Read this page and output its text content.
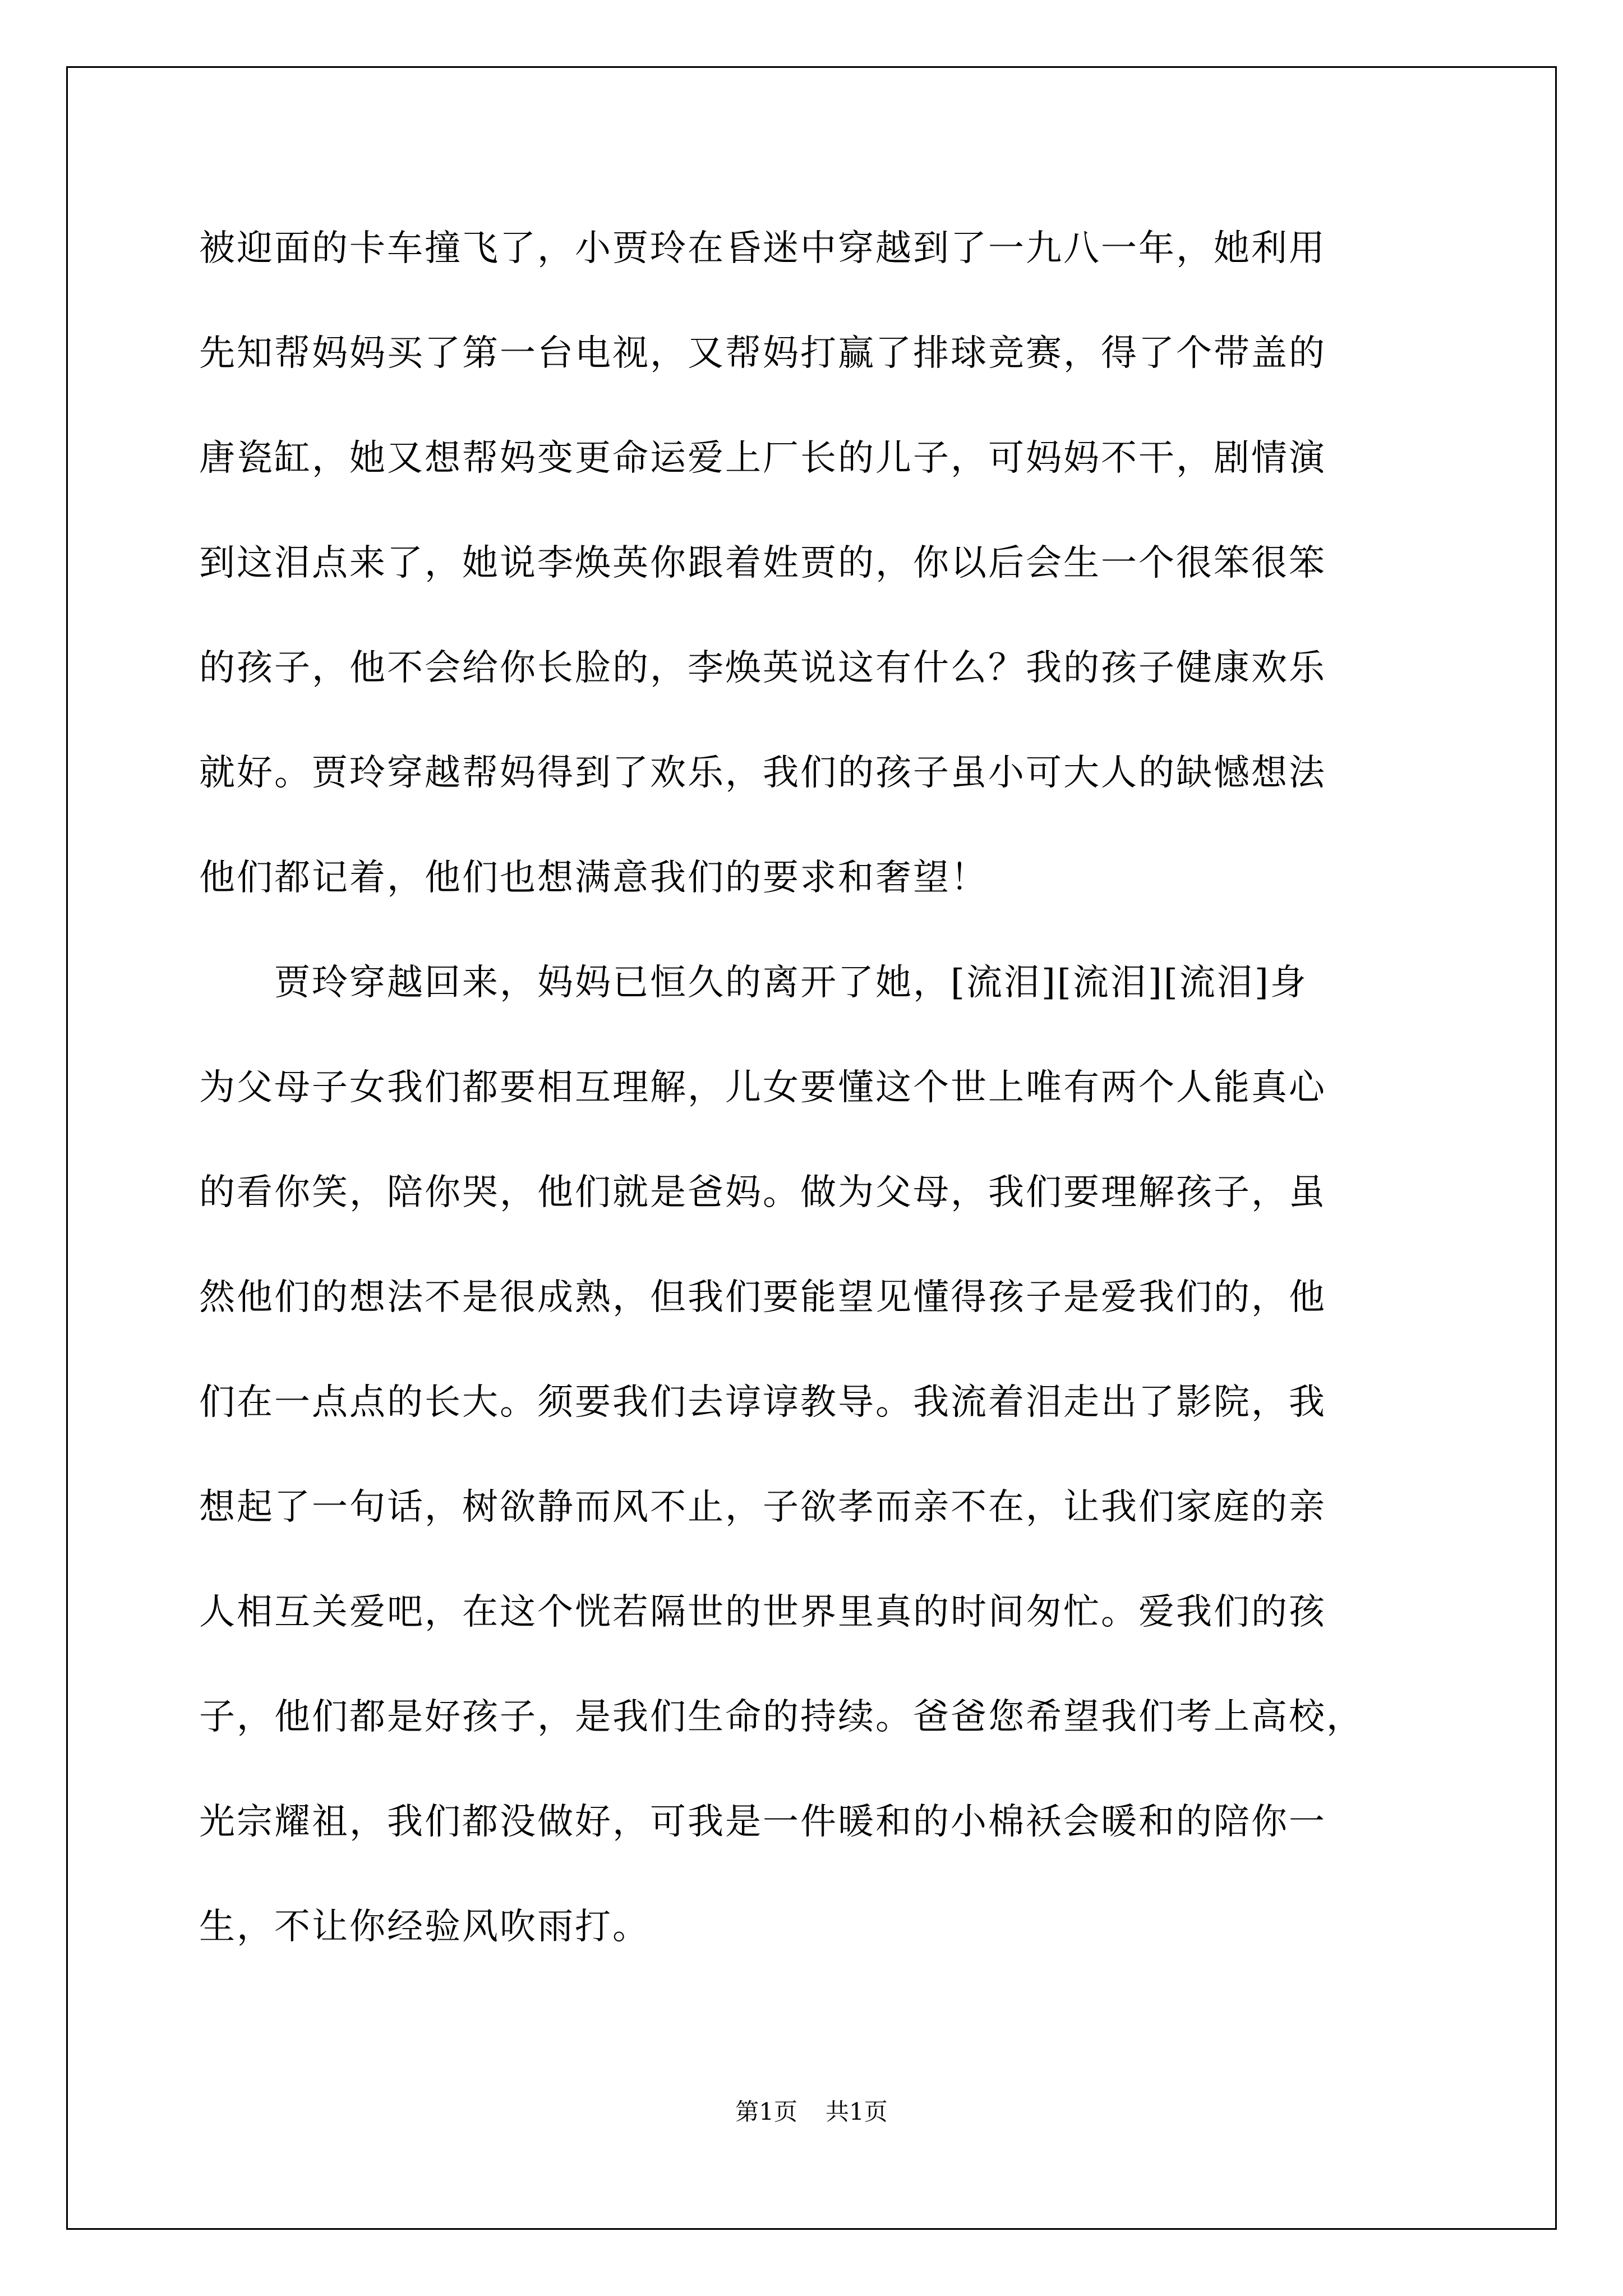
被迎面的卡车撞飞了，小贾玲在昏迷中穿越到了一九八一年，她利用
先知帮妈妈买了第一台电视，又帮妈打赢了排球竞赛，得了个带盖的
唐瓷缸，她又想帮妈变更命运爱上厂长的儿子，可妈妈不干，剧情演
到这泪点来了，她说李焕英你跟着姓贾的，你以后会生一个很笨很笨
的孩子，他不会给你长脸的，李焕英说这有什么？我的孩子健康欢乐
就好。贾玲穿越帮妈得到了欢乐，我们的孩子虽小可大人的缺憾想法
他们都记着，他们也想满意我们的要求和奢望！
　　贾玲穿越回来，妈妈已恒久的离开了她，[流泪][流泪][流泪]身
为父母子女我们都要相互理解，儿女要懂这个世上唯有两个人能真心
的看你笑，陪你哭，他们就是爸妈。做为父母，我们要理解孩子，虽
然他们的想法不是很成熟，但我们要能望见懂得孩子是爱我们的，他
们在一点点的长大。须要我们去谆谆教导。我流着泪走出了影院，我
想起了一句话，树欲静而风不止，子欲孝而亲不在，让我们家庭的亲
人相互关爱吧，在这个恍若隔世的世界里真的时间匆忙。爱我们的孩
子，他们都是好孩子，是我们生命的持续。爸爸您希望我们考上高校，
光宗耀祖，我们都没做好，可我是一件暖和的小棉袄会暖和的陪你一
生，不让你经验风吹雨打。
第1页 共1页
